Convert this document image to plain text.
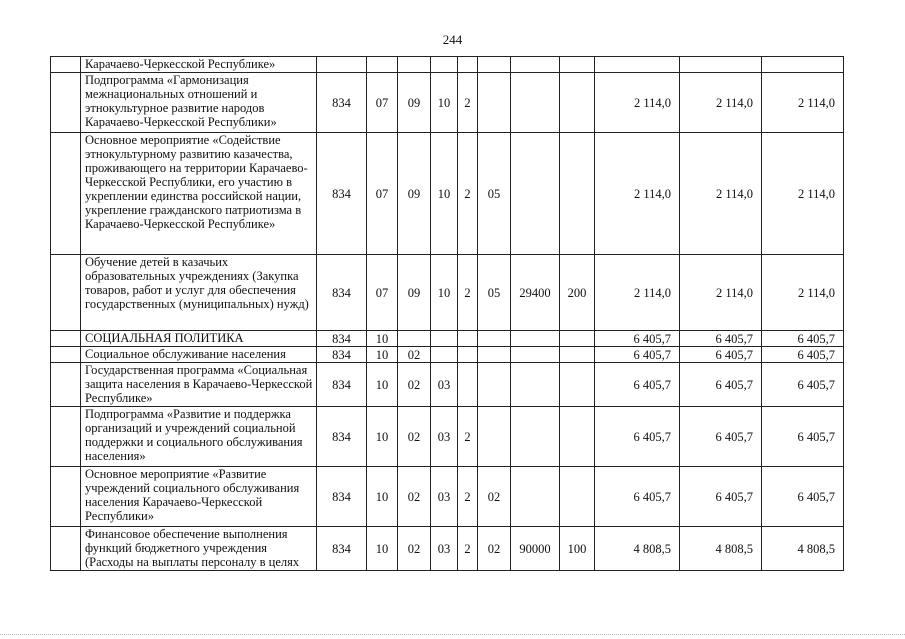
244
	Карачаево-Черкесской Республике»											
	Подпрограмма «Гармонизация межнациональных отношений и этнокультурное развитие народов Карачаево-Черкесской Республики»	834	07	09	10	2				2 114,0	2 114,0	2 114,0
	Основное мероприятие «Содействие этнокультурному развитию казачества, проживающего на территории Карачаево-Черкесской Республики, его участию в укреплении единства российской нации, укрепление гражданского патриотизма в Карачаево-Черкесской Республике»	834	07	09	10	2	05			2 114,0	2 114,0	2 114,0
	Обучение детей в казачьих образовательных учреждениях (Закупка товаров, работ и услуг для обеспечения государственных (муниципальных) нужд)	834	07	09	10	2	05	29400	200	2 114,0	2 114,0	2 114,0
	СОЦИАЛЬНАЯ ПОЛИТИКА	834	10							6 405,7	6 405,7	6 405,7
	Социальное обслуживание населения	834	10	02						6 405,7	6 405,7	6 405,7
	Государственная программа «Социальная защита населения в Карачаево-Черкесской Республике»	834	10	02	03					6 405,7	6 405,7	6 405,7
	Подпрограмма «Развитие и поддержка организаций и учреждений социальной поддержки и социального обслуживания населения»	834	10	02	03	2				6 405,7	6 405,7	6 405,7
	Основное мероприятие «Развитие учреждений социального обслуживания населения Карачаево-Черкесской Республики»	834	10	02	03	2	02			6 405,7	6 405,7	6 405,7
	Финансовое обеспечение выполнения функций бюджетного учреждения (Расходы на выплаты персоналу в целях	834	10	02	03	2	02	90000	100	4 808,5	4 808,5	4 808,5
